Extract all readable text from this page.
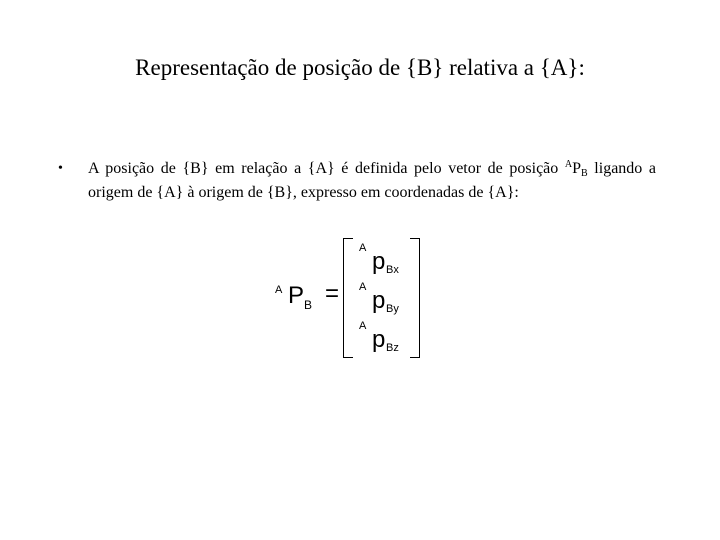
Representação de posição de {B} relativa a {A}:
• A posição de {B} em relação a {A} é definida pelo vetor de posição $^AP_B$ ligando a origem de {A} à origem de {B}, expresso em coordenadas de {A}:
A P B =
A p Bx
A p By
A p Bz
